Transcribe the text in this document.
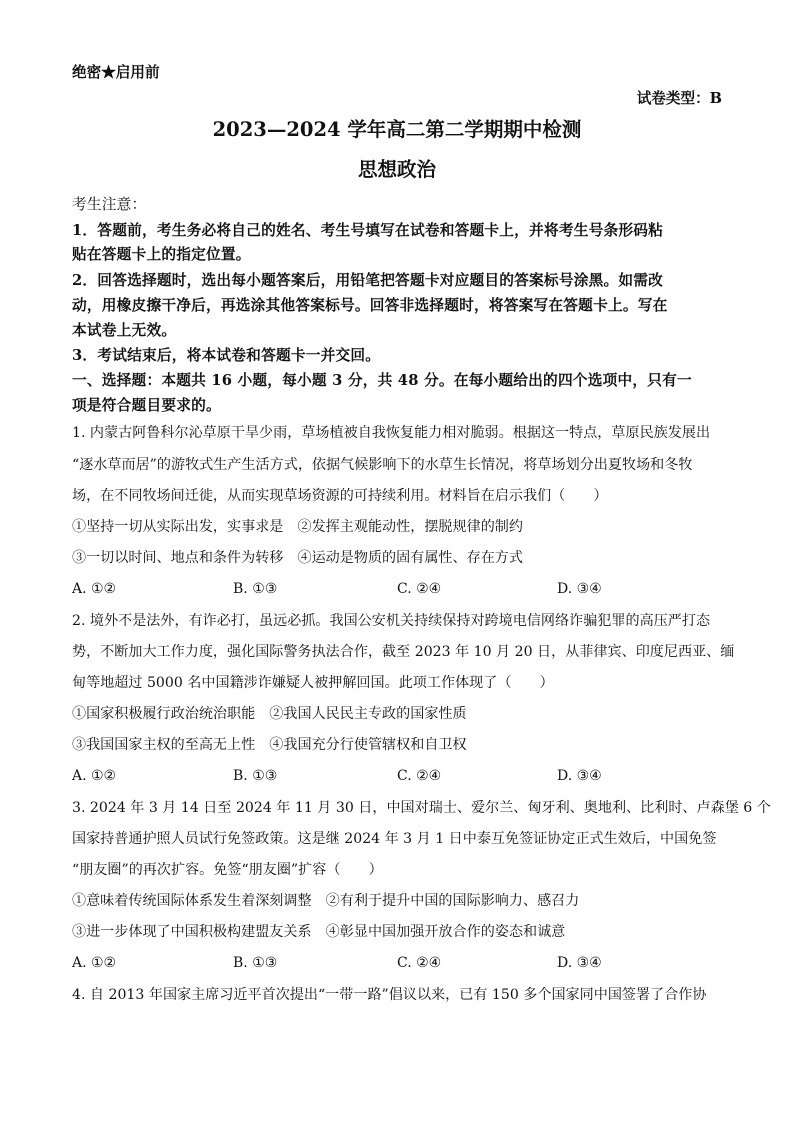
绝密★启用前
试卷类型：B
2023—2024 学年高二第二学期期中检测
思想政治
考生注意：
1．答题前，考生务必将自己的姓名、考生号填写在试卷和答题卡上，并将考生号条形码粘
贴在答题卡上的指定位置。
2．回答选择题时，选出每小题答案后，用铅笔把答题卡对应题目的答案标号涂黑。如需改
动，用橡皮擦干净后，再选涂其他答案标号。回答非选择题时，将答案写在答题卡上。写在
本试卷上无效。
3．考试结束后，将本试卷和答题卡一并交回。
一、选择题：本题共 16 小题，每小题 3 分，共 48 分。在每小题给出的四个选项中，只有一
项是符合题目要求的。
1. 内蒙古阿鲁科尔沁草原干旱少雨，草场植被自我恢复能力相对脆弱。根据这一特点，草原民族发展出
“逐水草而居”的游牧式生产生活方式，依据气候影响下的水草生长情况，将草场划分出夏牧场和冬牧
场，在不同牧场间迁徙，从而实现草场资源的可持续利用。材料旨在启示我们（　　）
①坚持一切从实际出发，实事求是　②发挥主观能动性，摆脱规律的制约
③一切以时间、地点和条件为转移　④运动是物质的固有属性、存在方式
A. ①②	B. ①③	C. ②④	D. ③④
2. 境外不是法外，有诈必打，虽远必抓。我国公安机关持续保持对跨境电信网络诈骗犯罪的高压严打态
势，不断加大工作力度，强化国际警务执法合作，截至 2023 年 10 月 20 日，从菲律宾、印度尼西亚、缅
甸等地超过 5000 名中国籍涉诈嫌疑人被押解回国。此项工作体现了（　　）
①国家积极履行政治统治职能　②我国人民民主专政的国家性质
③我国国家主权的至高无上性　④我国充分行使管辖权和自卫权
A. ①②	B. ①③	C. ②④	D. ③④
3. 2024 年 3 月 14 日至 2024 年 11 月 30 日，中国对瑞士、爱尔兰、匈牙利、奥地利、比利时、卢森堡 6 个
国家持普通护照人员试行免签政策。这是继 2024 年 3 月 1 日中泰互免签证协定正式生效后，中国免签
“朋友圈”的再次扩容。免签“朋友圈”扩容（　　）
①意味着传统国际体系发生着深刻调整　②有利于提升中国的国际影响力、感召力
③进一步体现了中国积极构建盟友关系　④彰显中国加强开放合作的姿态和诚意
A. ①②	B. ①③	C. ②④	D. ③④
4. 自 2013 年国家主席习近平首次提出“一带一路”倡议以来，已有 150 多个国家同中国签署了合作协
